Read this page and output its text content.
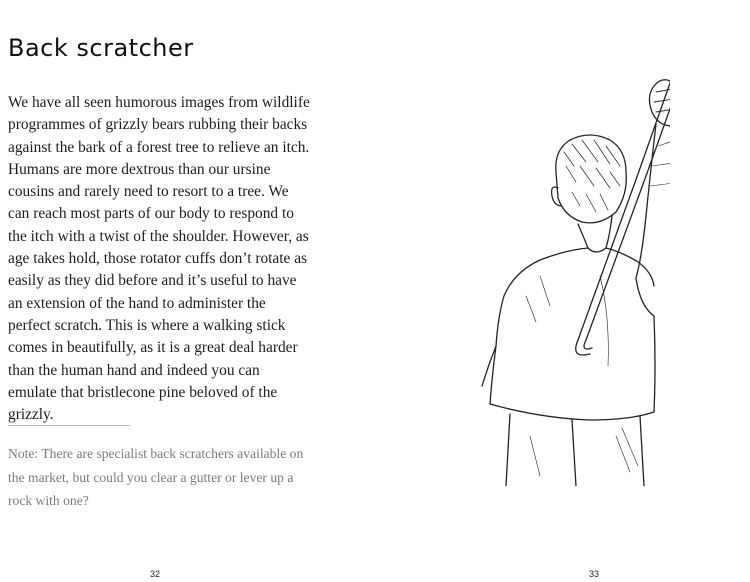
Back scratcher

We have all seen humorous images from wildlife programmes of grizzly bears rubbing their backs against the bark of a forest tree to relieve an itch. Humans are more dextrous than our ursine cousins and rarely need to resort to a tree. We can reach most parts of our body to respond to the itch with a twist of the shoulder. However, as age takes hold, those rotator cuffs don’t rotate as easily as they did before and it’s useful to have an extension of the hand to administer the perfect scratch. This is where a walking stick comes in beautifully, as it is a great deal harder than the human hand and indeed you can emulate that bristlecone pine beloved of the grizzly.

Note: There are specialist back scratchers available on the market, but could you clear a gutter or lever up a rock with one?

32	33
